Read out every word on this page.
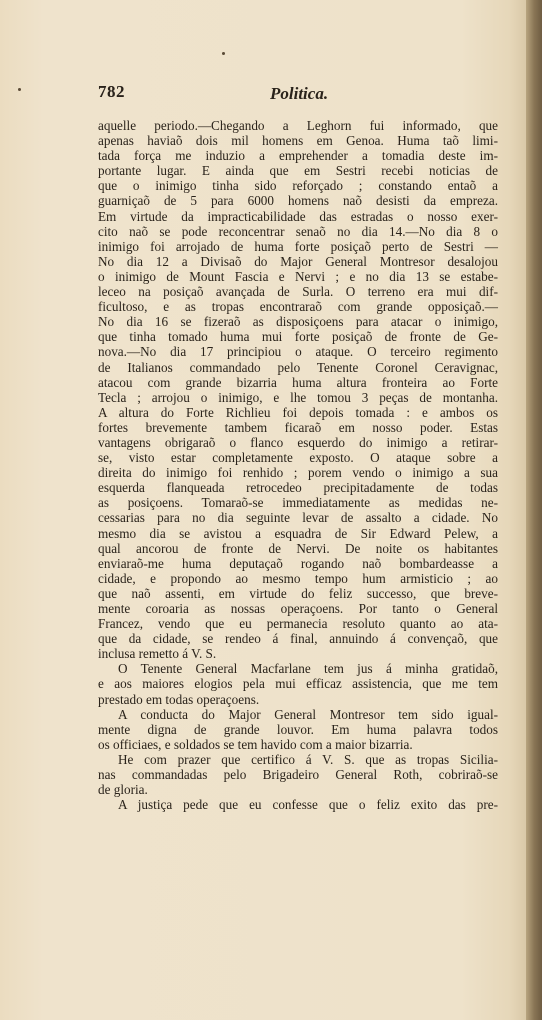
782	Politica.
aquelle periodo.—Chegando a Leghorn fui informado, que
apenas haviaõ dois mil homens em Genoa. Huma taõ limi-
tada força me induzio a emprehender a tomadia deste im-
portante lugar. E ainda que em Sestri recebi noticias de
que o inimigo tinha sido reforçado ; constando entaõ a
guarniçaõ de 5 para 6000 homens naõ desisti da empreza.
Em virtude da impracticabilidade das estradas o nosso exer-
cito naõ se pode reconcentrar senaõ no dia 14.—No dia 8 o
inimigo foi arrojado de huma forte posiçaõ perto de Sestri —
No dia 12 a Divisaõ do Major General Montresor desalojou
o inimigo de Mount Fascia e Nervi ; e no dia 13 se estabe-
leceo na posiçaõ avançada de Surla. O terreno era mui dif-
ficultoso, e as tropas encontraraõ com grande opposiçaõ.—
No dia 16 se fizeraõ as disposiçoens para atacar o inimigo,
que tinha tomado huma mui forte posiçaõ de fronte de Ge-
nova.—No dia 17 principiou o ataque. O terceiro regimento
de Italianos commandado pelo Tenente Coronel Ceravignac,
atacou com grande bizarria huma altura fronteira ao Forte
Tecla ; arrojou o inimigo, e lhe tomou 3 peças de montanha.
A altura do Forte Richlieu foi depois tomada : e ambos os
fortes brevemente tambem ficaraõ em nosso poder. Estas
vantagens obrigaraõ o flanco esquerdo do inimigo a retirar-
se, visto estar completamente exposto. O ataque sobre a
direita do inimigo foi renhido ; porem vendo o inimigo a sua
esquerda flanqueada retrocedeo precipitadamente de todas
as posiçoens. Tomaraõ-se immediatamente as medidas ne-
cessarias para no dia seguinte levar de assalto a cidade. No
mesmo dia se avistou a esquadra de Sir Edward Pelew, a
qual ancorou de fronte de Nervi. De noite os habitantes
enviaraõ-me huma deputaçaõ rogando naõ bombardeasse a
cidade, e propondo ao mesmo tempo hum armisticio ; ao
que naõ assenti, em virtude do feliz successo, que breve-
mente coroaria as nossas operaçoens. Por tanto o General
Francez, vendo que eu permanecia resoluto quanto ao ata-
que da cidade, se rendeo á final, annuindo á convençaõ, que
inclusa remetto á V. S.
O Tenente General Macfarlane tem jus á minha gratidaõ,
e aos maiores elogios pela mui efficaz assistencia, que me tem
prestado em todas operaçoens.
A conducta do Major General Montresor tem sido igual-
mente digna de grande louvor. Em huma palavra todos
os officiaes, e soldados se tem havido com a maior bizarria.
He com prazer que certifico á V. S. que as tropas Sicilia-
nas commandadas pelo Brigadeiro General Roth, cobriraõ-se
de gloria.
A justiça pede que eu confesse que o feliz exito das pre-
